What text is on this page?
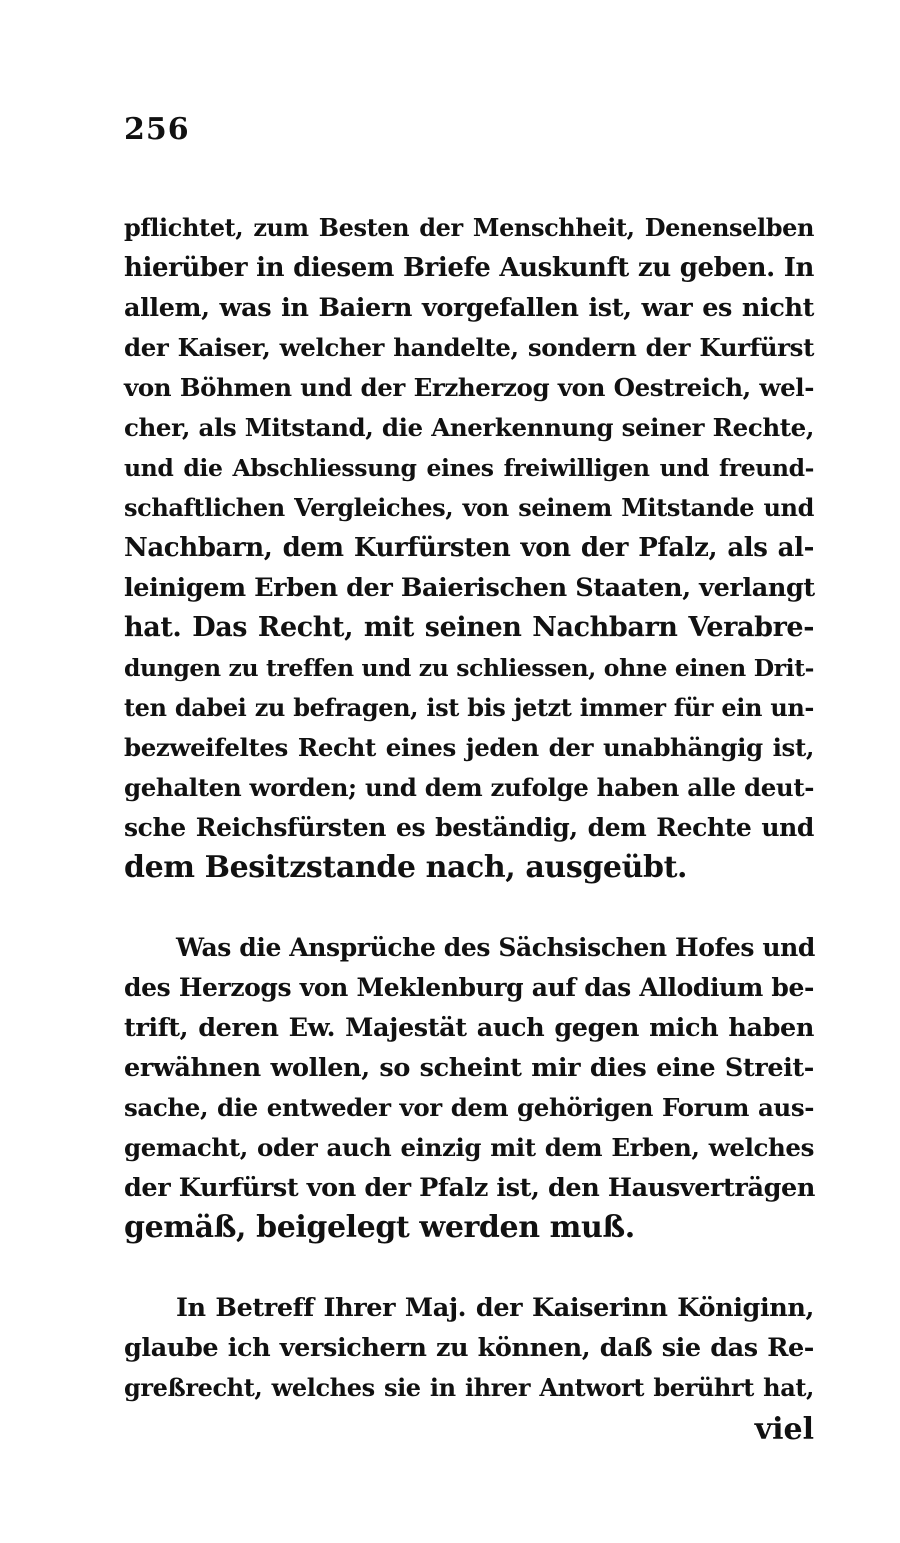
256
pflichtet, zum Besten der Menschheit, Denenselben
hierüber in diesem Briefe Auskunft zu geben. In
allem, was in Baiern vorgefallen ist, war es nicht
der Kaiser, welcher handelte, sondern der Kurfürst
von Böhmen und der Erzherzog von Oestreich, wel-
cher, als Mitstand, die Anerkennung seiner Rechte,
und die Abschliessung eines freiwilligen und freund-
schaftlichen Vergleiches, von seinem Mitstande und
Nachbarn, dem Kurfürsten von der Pfalz, als al-
leinigem Erben der Baierischen Staaten, verlangt
hat. Das Recht, mit seinen Nachbarn Verabre-
dungen zu treffen und zu schliessen, ohne einen Drit-
ten dabei zu befragen, ist bis jetzt immer für ein un-
bezweifeltes Recht eines jeden der unabhängig ist,
gehalten worden; und dem zufolge haben alle deut-
sche Reichsfürsten es beständig, dem Rechte und
dem Besitzstande nach, ausgeübt.
Was die Ansprüche des Sächsischen Hofes und
des Herzogs von Meklenburg auf das Allodium be-
trift, deren Ew. Majestät auch gegen mich haben
erwähnen wollen, so scheint mir dies eine Streit-
sache, die entweder vor dem gehörigen Forum aus-
gemacht, oder auch einzig mit dem Erben, welches
der Kurfürst von der Pfalz ist, den Hausverträgen
gemäß, beigelegt werden muß.
In Betreff Ihrer Maj. der Kaiserinn Königinn,
glaube ich versichern zu können, daß sie das Re-
greßrecht, welches sie in ihrer Antwort berührt hat,
viel
